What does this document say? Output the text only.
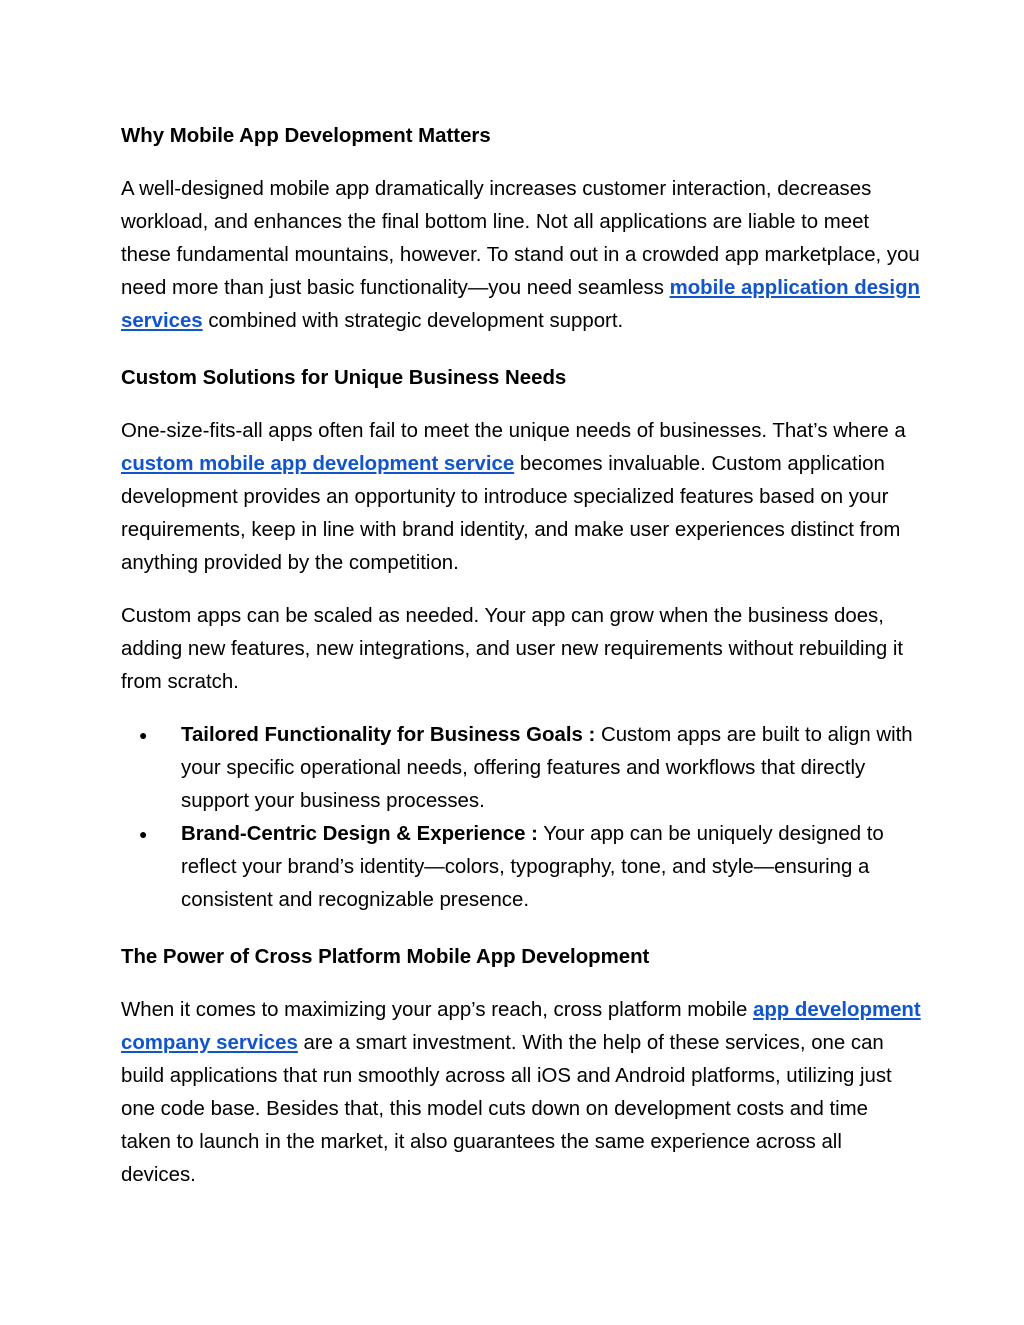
Why Mobile App Development Matters

A well-designed mobile app dramatically increases customer interaction, decreases workload, and enhances the final bottom line. Not all applications are liable to meet these fundamental mountains, however. To stand out in a crowded app marketplace, you need more than just basic functionality—you need seamless mobile application design services combined with strategic development support.

Custom Solutions for Unique Business Needs

One-size-fits-all apps often fail to meet the unique needs of businesses. That’s where a custom mobile app development service becomes invaluable. Custom application development provides an opportunity to introduce specialized features based on your requirements, keep in line with brand identity, and make user experiences distinct from anything provided by the competition.

Custom apps can be scaled as needed. Your app can grow when the business does, adding new features, new integrations, and user new requirements without rebuilding it from scratch.

● Tailored Functionality for Business Goals : Custom apps are built to align with your specific operational needs, offering features and workflows that directly support your business processes.
● Brand-Centric Design & Experience : Your app can be uniquely designed to reflect your brand’s identity—colors, typography, tone, and style—ensuring a consistent and recognizable presence.
The Power of Cross Platform Mobile App Development

When it comes to maximizing your app’s reach, cross platform mobile app development company services are a smart investment. With the help of these services, one can build applications that run smoothly across all iOS and Android platforms, utilizing just one code base. Besides that, this model cuts down on development costs and time taken to launch in the market, it also guarantees the same experience across all devices.
